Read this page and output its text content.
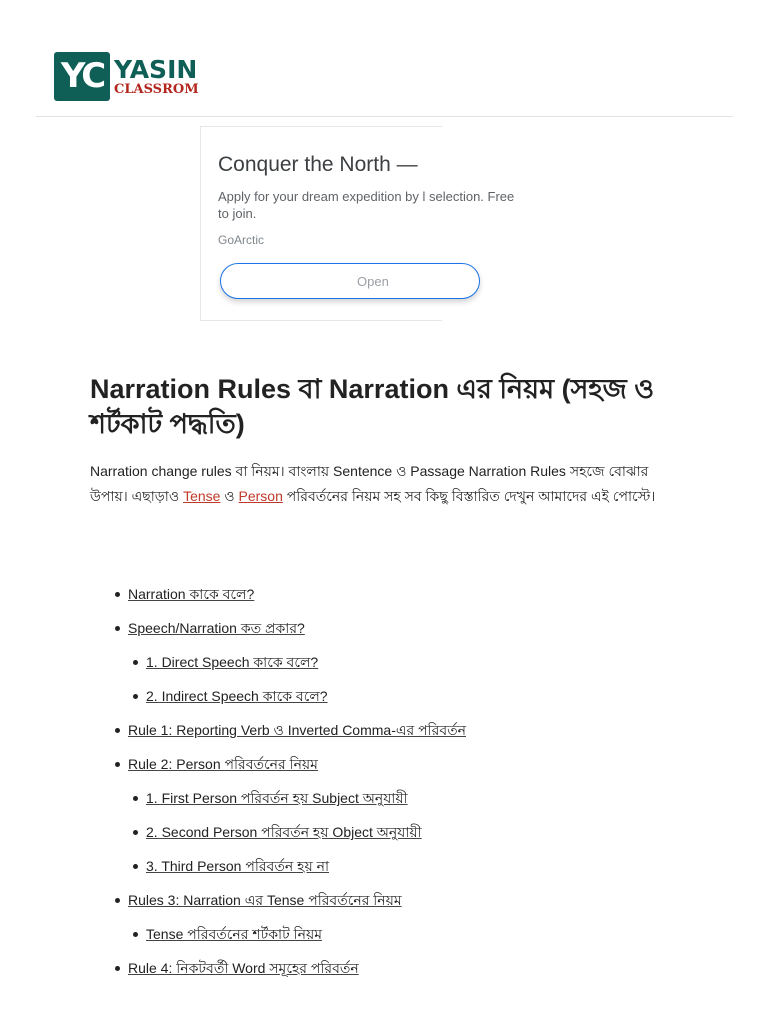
YC YASIN
CLASSROM
Conquer the North —
Apply for your dream expedition by l selection. Free to join.
GoArctic
Open
Narration Rules বা Narration এর নিয়ম (সহজ ও শর্টকাট পদ্ধতি)

Narration change rules বা নিয়ম। বাংলায় Sentence ও Passage Narration Rules সহজে বোঝার উপায়। এছাড়াও Tense ও Person পরিবর্তনের নিয়ম সহ সব কিছু বিস্তারিত দেখুন আমাদের এই পোস্টে।

Narration কাকে বলে?
Speech/Narration কত প্রকার?
1. Direct Speech কাকে বলে?
2. Indirect Speech কাকে বলে?
Rule 1: Reporting Verb ও Inverted Comma-এর পরিবর্তন
Rule 2: Person পরিবর্তনের নিয়ম
1. First Person পরিবর্তন হয় Subject অনুযায়ী
2. Second Person পরিবর্তন হয় Object অনুযায়ী
3. Third Person পরিবর্তন হয় না
Rules 3: Narration এর Tense পরিবর্তনের নিয়ম
Tense পরিবর্তনের শর্টকাট নিয়ম
Rule 4: নিকটবর্তী Word সমূহের পরিবর্তন
